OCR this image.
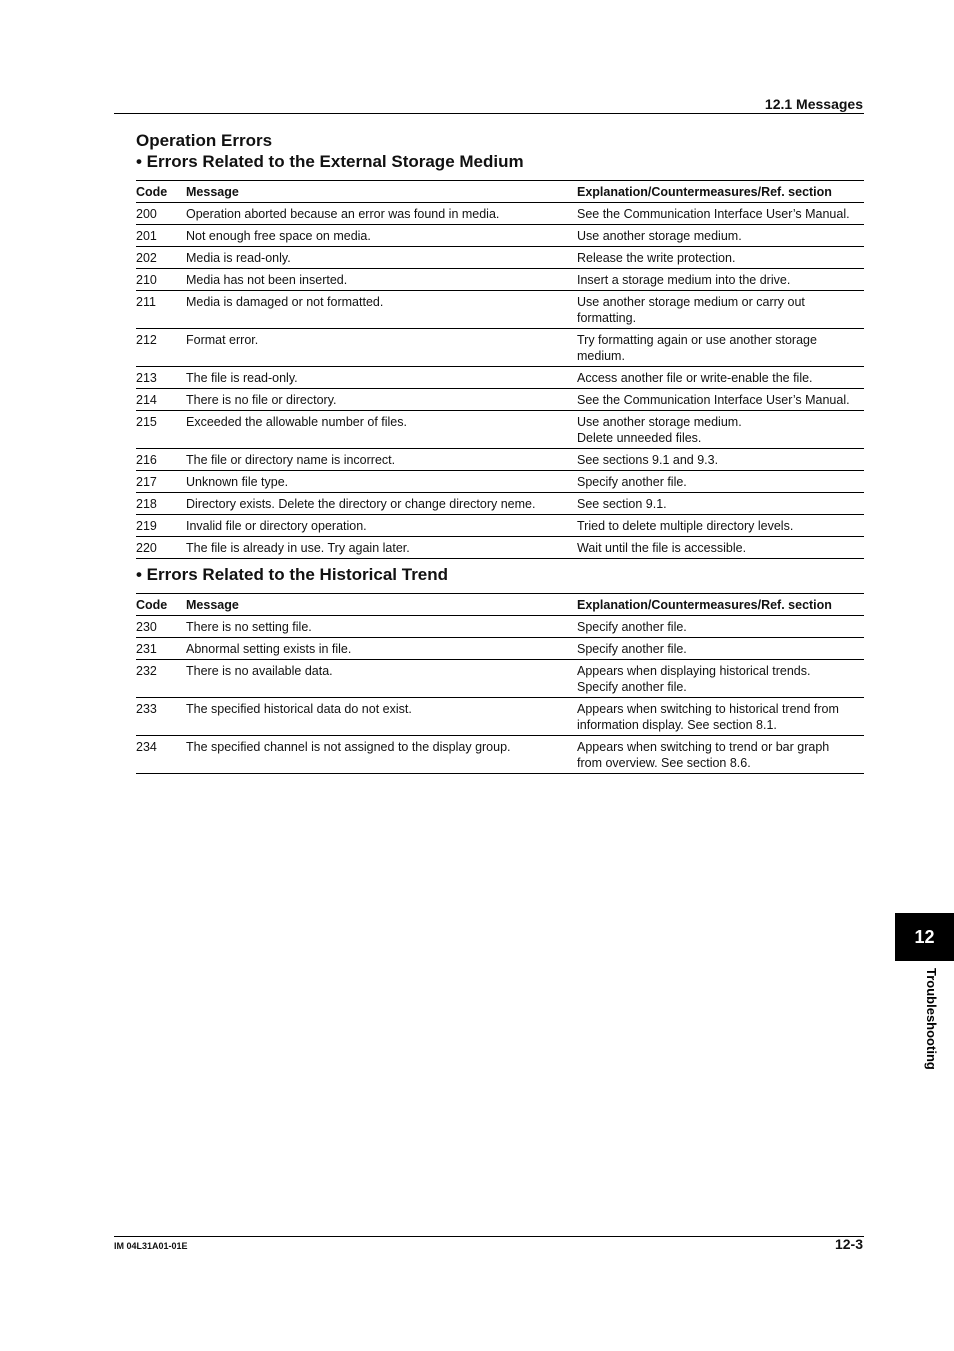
12.1 Messages
Operation Errors
• Errors Related to the External Storage Medium
Code	Message	Explanation/Countermeasures/Ref. section
200	Operation aborted because an error was found in media.	See the Communication Interface User’s Manual.

201	Not enough free space on media.	Use another storage medium.

202	Media is read-only.	Release the write protection.

210	Media has not been inserted.	Insert a storage medium into the drive.

211	Media is damaged or not formatted.	Use another storage medium or carry out
formatting.

212	Format error.	Try formatting again or use another storage
medium.

213	The file is read-only.	Access another file or write-enable the file.

214	There is no file or directory.	See the Communication Interface User’s Manual.

215	Exceeded the allowable number of files.	Use another storage medium.
Delete unneeded files.

216	The file or directory name is incorrect.	See sections 9.1 and 9.3.

217	Unknown file type.	Specify another file.

218	Directory exists. Delete the directory or change directory neme.	See section 9.1.

219	Invalid file or directory operation.	Tried to delete multiple directory levels.

220	The file is already in use. Try again later.	Wait until the file is accessible.
• Errors Related to the Historical Trend
Code	Message	Explanation/Countermeasures/Ref. section
230	There is no setting file.	Specify another file.

231	Abnormal setting exists in file.	Specify another file.

232	There is no available data.	Appears when displaying historical trends.
Specify another file.

233	The specified historical data do not exist.	Appears when switching to historical trend from
information display. See section 8.1.

234	The specified channel is not assigned to the display group.	Appears when switching to trend or bar graph
from overview. See section 8.6.
12
Troubleshooting
IM 04L31A01-01E	12-3
